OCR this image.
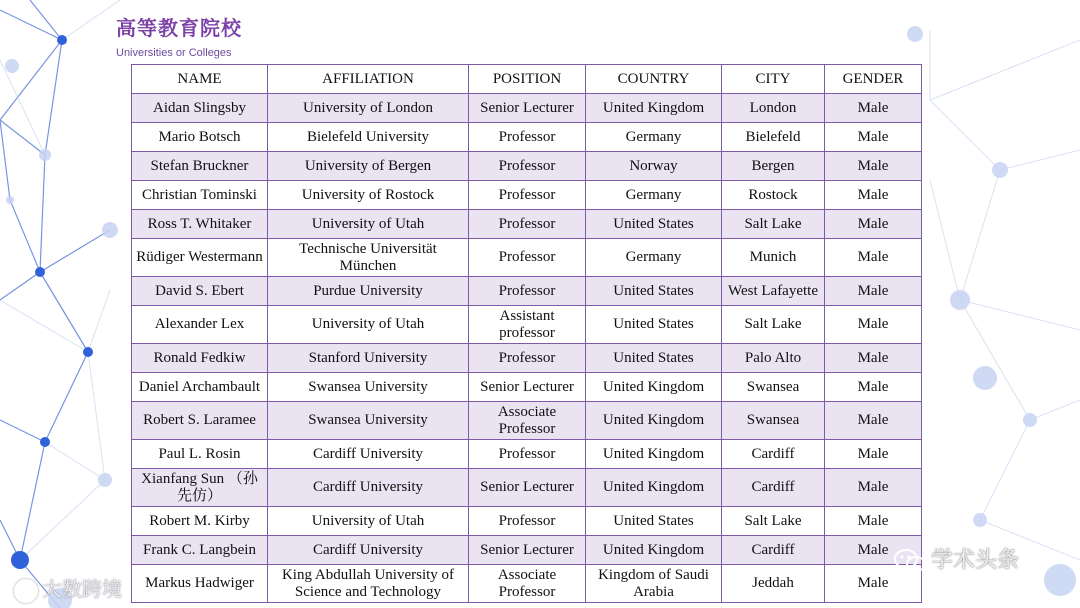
高等教育院校
Universities or Colleges
NAME	AFFILIATION	POSITION	COUNTRY	CITY	GENDER
Aidan Slingsby	University of London	Senior Lecturer	United Kingdom	London	Male
Mario Botsch	Bielefeld University	Professor	Germany	Bielefeld	Male
Stefan Bruckner	University of Bergen	Professor	Norway	Bergen	Male
Christian Tominski	University of Rostock	Professor	Germany	Rostock	Male
Ross T. Whitaker	University of Utah	Professor	United States	Salt Lake	Male
Rüdiger Westermann	Technische Universität München	Professor	Germany	Munich	Male
David S. Ebert	Purdue University	Professor	United States	West Lafayette	Male
Alexander Lex	University of Utah	Assistant professor	United States	Salt Lake	Male
Ronald Fedkiw	Stanford University	Professor	United States	Palo Alto	Male
Daniel Archambault	Swansea University	Senior Lecturer	United Kingdom	Swansea	Male
Robert S. Laramee	Swansea University	Associate Professor	United Kingdom	Swansea	Male
Paul L. Rosin	Cardiff University	Professor	United Kingdom	Cardiff	Male
Xianfang Sun （孙先仿）	Cardiff University	Senior Lecturer	United Kingdom	Cardiff	Male
Robert M. Kirby	University of Utah	Professor	United States	Salt Lake	Male
Frank C. Langbein	Cardiff University	Senior Lecturer	United Kingdom	Cardiff	Male
Markus Hadwiger	King Abdullah University of Science and Technology	Associate Professor	Kingdom of Saudi Arabia	Jeddah	Male
大数跨境
学术头条
